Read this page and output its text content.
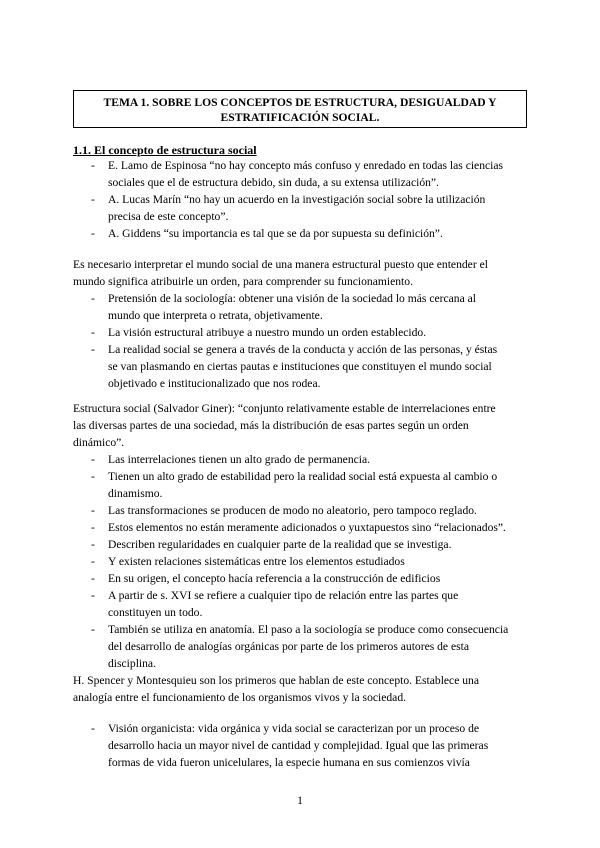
TEMA 1. SOBRE LOS CONCEPTOS DE ESTRUCTURA, DESIGUALDAD Y
ESTRATIFICACIÓN SOCIAL.
1.1. El concepto de estructura social
- E. Lamo de Espinosa “no hay concepto más confuso y enredado en todas las ciencias
sociales que el de estructura debido, sin duda, a su extensa utilización”.
- A. Lucas Marín “no hay un acuerdo en la investigación social sobre la utilización
precisa de este concepto”.
- A. Giddens “su importancia es tal que se da por supuesta su definición”.
Es necesario interpretar el mundo social de una manera estructural puesto que entender el
mundo significa atribuirle un orden, para comprender su funcionamiento.
- Pretensión de la sociología: obtener una visión de la sociedad lo más cercana al
mundo que interpreta o retrata, objetivamente.
- La visión estructural atribuye a nuestro mundo un orden establecido.
- La realidad social se genera a través de la conducta y acción de las personas, y éstas
se van plasmando en ciertas pautas e instituciones que constituyen el mundo social
objetivado e institucionalizado que nos rodea.
Estructura social (Salvador Giner): “conjunto relativamente estable de interrelaciones entre
las diversas partes de una sociedad, más la distribución de esas partes según un orden
dinámico”.
- Las interrelaciones tienen un alto grado de permanencia.
- Tienen un alto grado de estabilidad pero la realidad social está expuesta al cambio o
dinamismo.
- Las transformaciones se producen de modo no aleatorio, pero tampoco reglado.
- Estos elementos no están meramente adicionados o yuxtapuestos sino “relacionados”.
- Describen regularidades en cualquier parte de la realidad que se investiga.
- Y existen relaciones sistemáticas entre los elementos estudiados
- En su origen, el concepto hacía referencia a la construcción de edificios
- A partir de s. XVI se refiere a cualquier tipo de relación entre las partes que
constituyen un todo.
- También se utiliza en anatomía. El paso a la sociología se produce como consecuencia
del desarrollo de analogías orgánicas por parte de los primeros autores de esta
disciplina.
H. Spencer y Montesquieu son los primeros que hablan de este concepto. Establece una
analogía entre el funcionamiento de los organismos vivos y la sociedad.
- Visión organicista: vida orgánica y vida social se caracterizan por un proceso de
desarrollo hacia un mayor nivel de cantidad y complejidad. Igual que las primeras
formas de vida fueron unicelulares, la especie humana en sus comienzos vivía
1
